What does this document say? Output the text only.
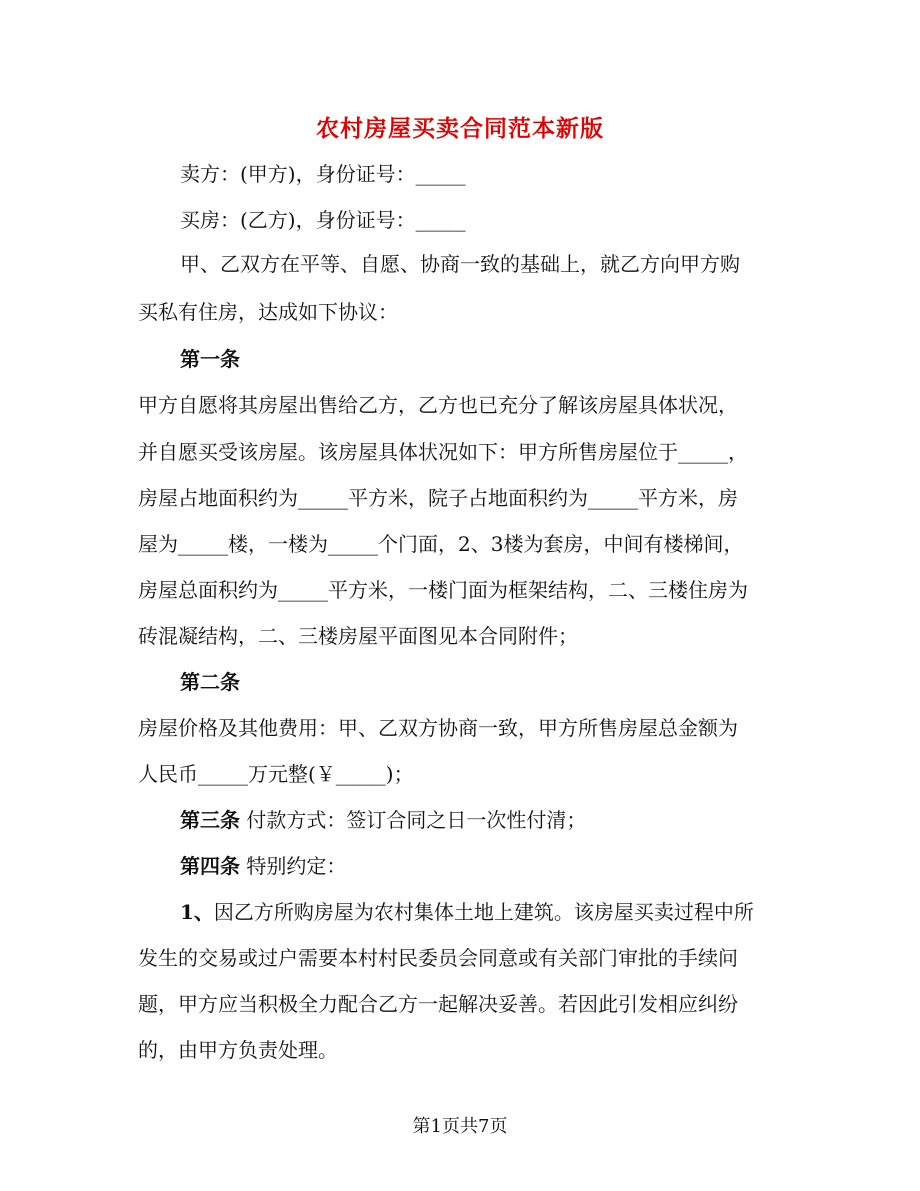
农村房屋买卖合同范本新版
卖方：(甲方)，身份证号：_____
买房：(乙方)，身份证号：_____
甲、乙双方在平等、自愿、协商一致的基础上，就乙方向甲方购
买私有住房，达成如下协议：
第一条
甲方自愿将其房屋出售给乙方，乙方也已充分了解该房屋具体状况，
并自愿买受该房屋。该房屋具体状况如下：甲方所售房屋位于_____，
房屋占地面积约为_____平方米，院子占地面积约为_____平方米，房
屋为_____楼，一楼为_____个门面，2、3楼为套房，中间有楼梯间，
房屋总面积约为_____平方米，一楼门面为框架结构，二、三楼住房为
砖混凝结构，二、三楼房屋平面图见本合同附件；
第二条
房屋价格及其他费用：甲、乙双方协商一致，甲方所售房屋总金额为
人民币_____万元整(￥_____)；
第三条 付款方式：签订合同之日一次性付清；
第四条 特别约定：
1、因乙方所购房屋为农村集体土地上建筑。该房屋买卖过程中所
发生的交易或过户需要本村村民委员会同意或有关部门审批的手续问
题，甲方应当积极全力配合乙方一起解决妥善。若因此引发相应纠纷
的，由甲方负责处理。
第1页共7页
